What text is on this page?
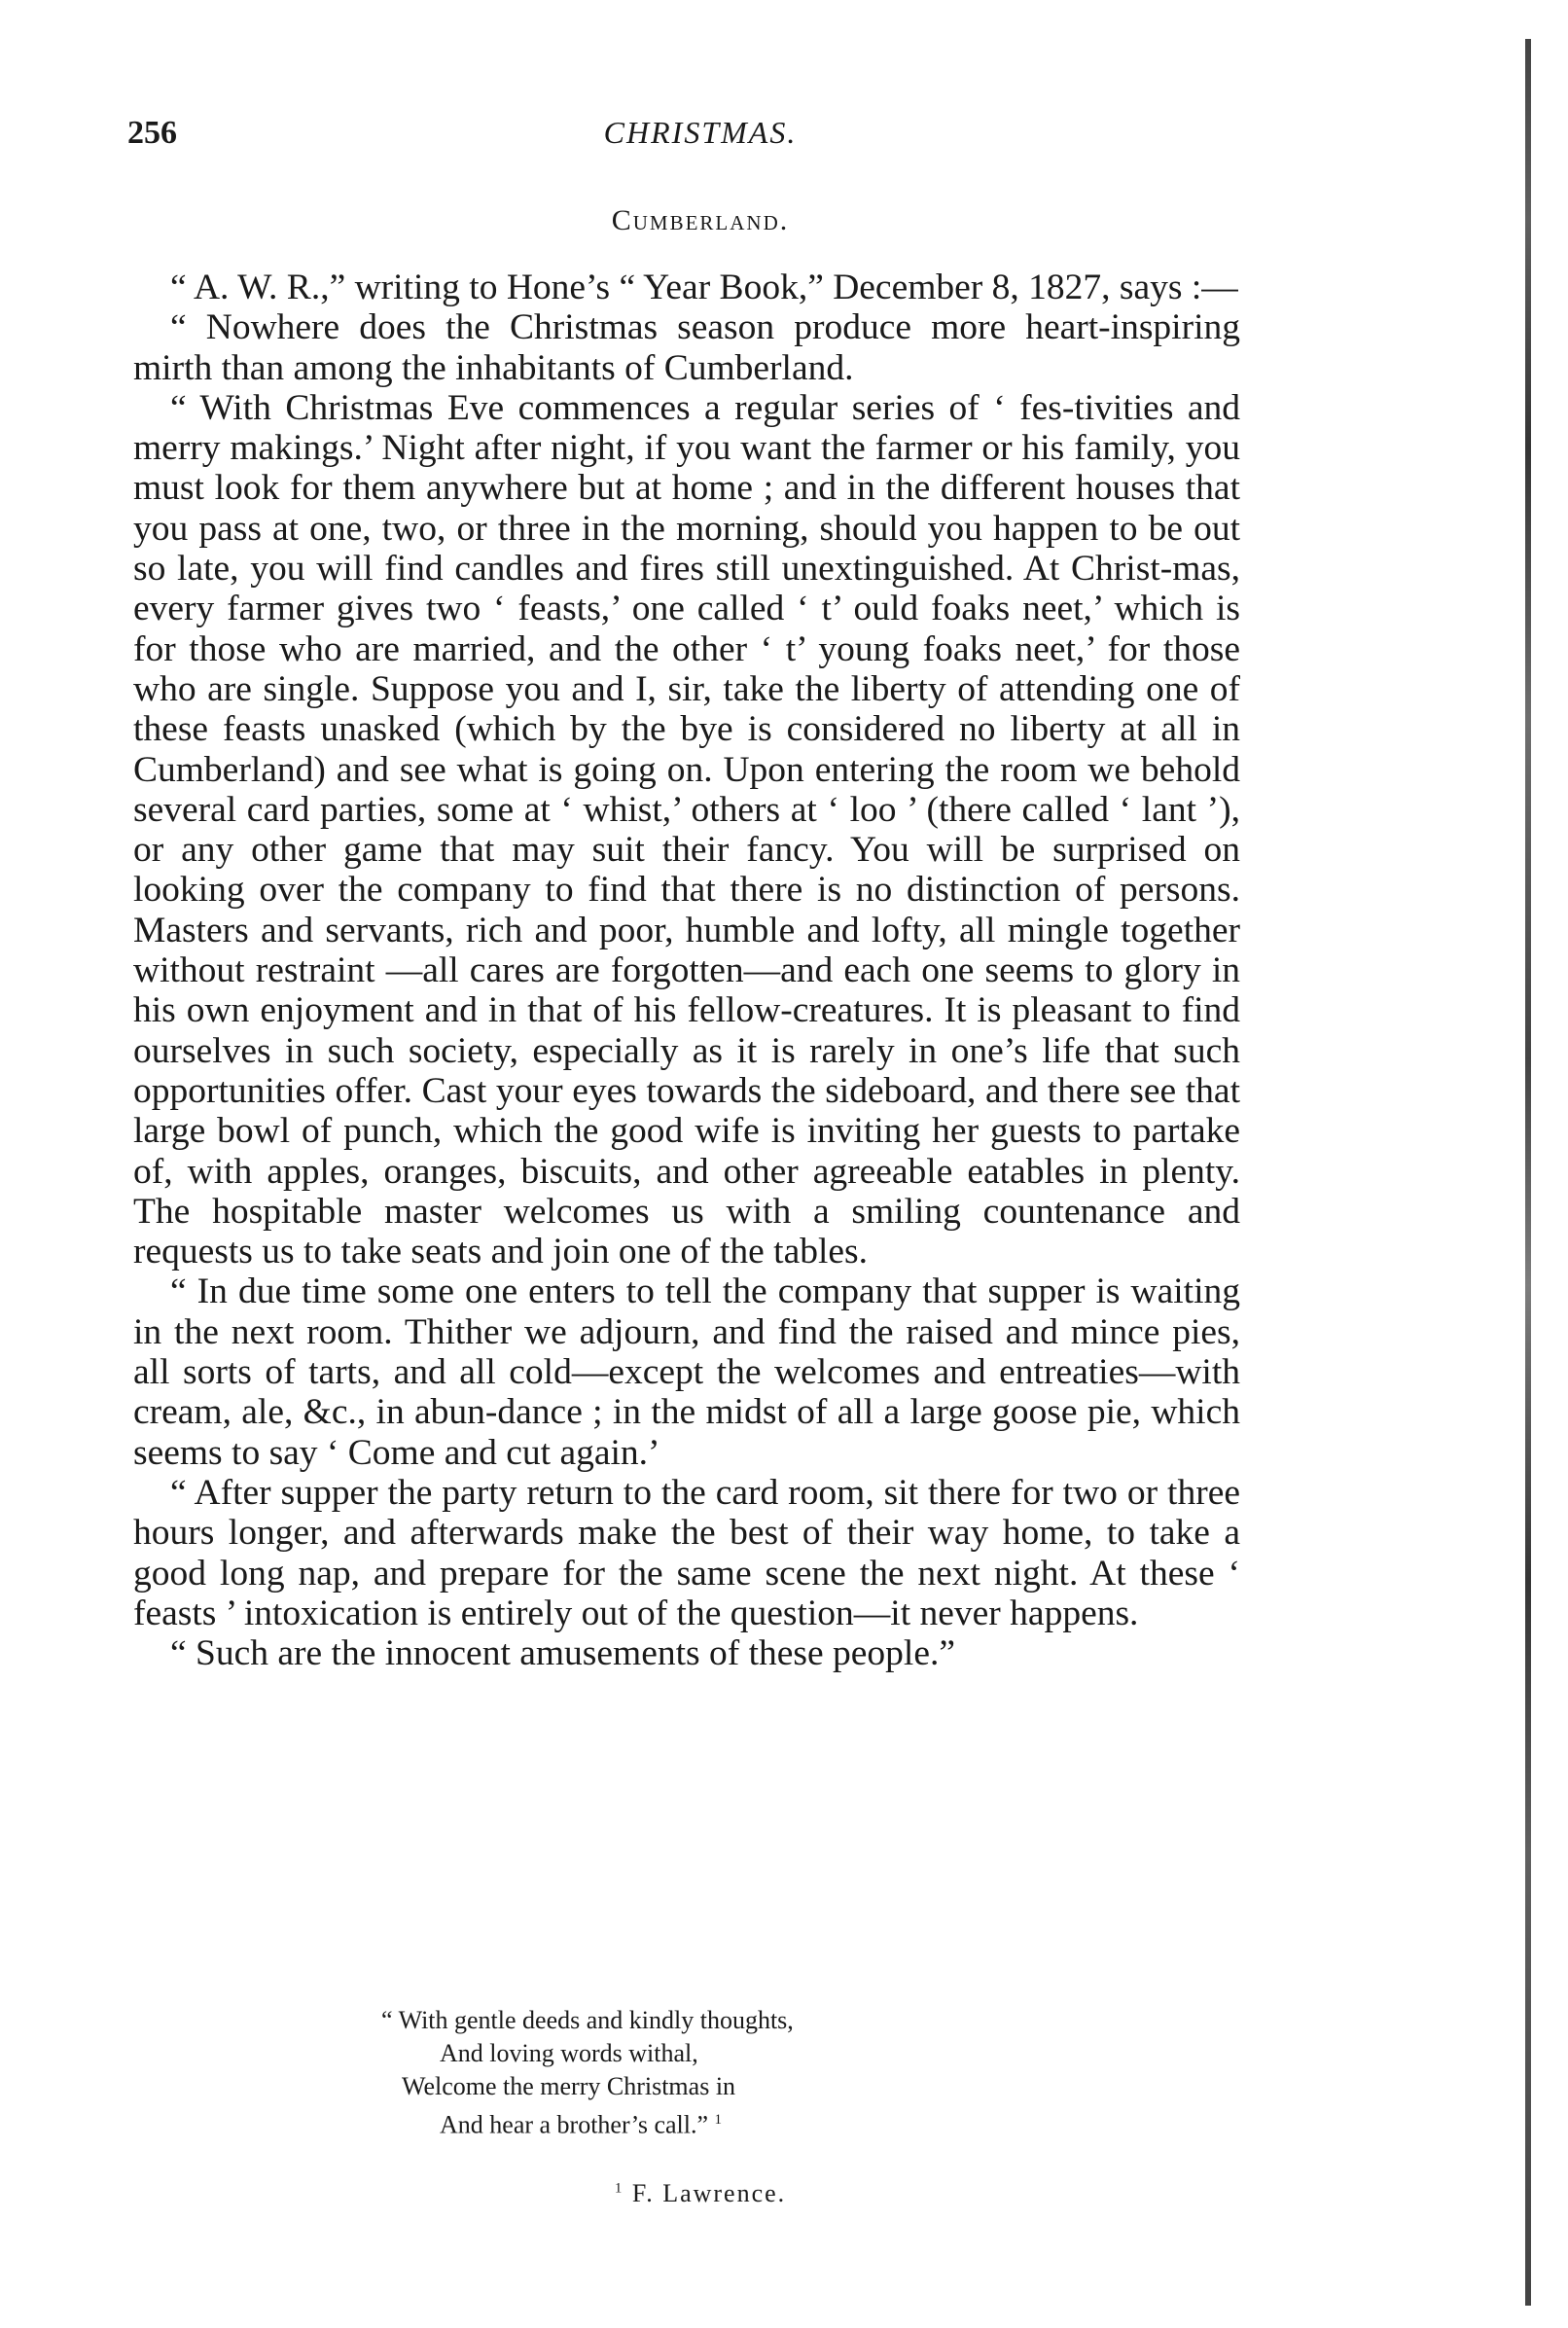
256	CHRISTMAS.
Cumberland.

“ A. W. R.,” writing to Hone’s “ Year Book,” December 8, 1827, says :—

“ Nowhere does the Christmas season produce more heart-inspiring mirth than among the inhabitants of Cumberland.

“ With Christmas Eve commences a regular series of ‘ fes-tivities and merry makings.’ Night after night, if you want the farmer or his family, you must look for them anywhere but at home ; and in the different houses that you pass at one, two, or three in the morning, should you happen to be out so late, you will find candles and fires still unextinguished. At Christ-mas, every farmer gives two ‘ feasts,’ one called ‘ t’ ould foaks neet,’ which is for those who are married, and the other ‘ t’ young foaks neet,’ for those who are single. Suppose you and I, sir, take the liberty of attending one of these feasts unasked (which by the bye is considered no liberty at all in Cumberland) and see what is going on. Upon entering the room we behold several card parties, some at ‘ whist,’ others at ‘ loo ’ (there called ‘ lant ’), or any other game that may suit their fancy. You will be surprised on looking over the company to find that there is no distinction of persons. Masters and servants, rich and poor, humble and lofty, all mingle together without restraint —all cares are forgotten—and each one seems to glory in his own enjoyment and in that of his fellow-creatures. It is pleasant to find ourselves in such society, especially as it is rarely in one’s life that such opportunities offer. Cast your eyes towards the sideboard, and there see that large bowl of punch, which the good wife is inviting her guests to partake of, with apples, oranges, biscuits, and other agreeable eatables in plenty. The hospitable master welcomes us with a smiling countenance and requests us to take seats and join one of the tables.

“ In due time some one enters to tell the company that supper is waiting in the next room. Thither we adjourn, and find the raised and mince pies, all sorts of tarts, and all cold—except the welcomes and entreaties—with cream, ale, &c., in abun-dance ; in the midst of all a large goose pie, which seems to say ‘ Come and cut again.’

“ After supper the party return to the card room, sit there for two or three hours longer, and afterwards make the best of their way home, to take a good long nap, and prepare for the same scene the next night. At these ‘ feasts ’ intoxication is entirely out of the question—it never happens.

“ Such are the innocent amusements of these people.”

“ With gentle deeds and kindly thoughts,
And loving words withal,
Welcome the merry Christmas in
And hear a brother’s call.” $^1$
$^1$ F. Lawrence.
